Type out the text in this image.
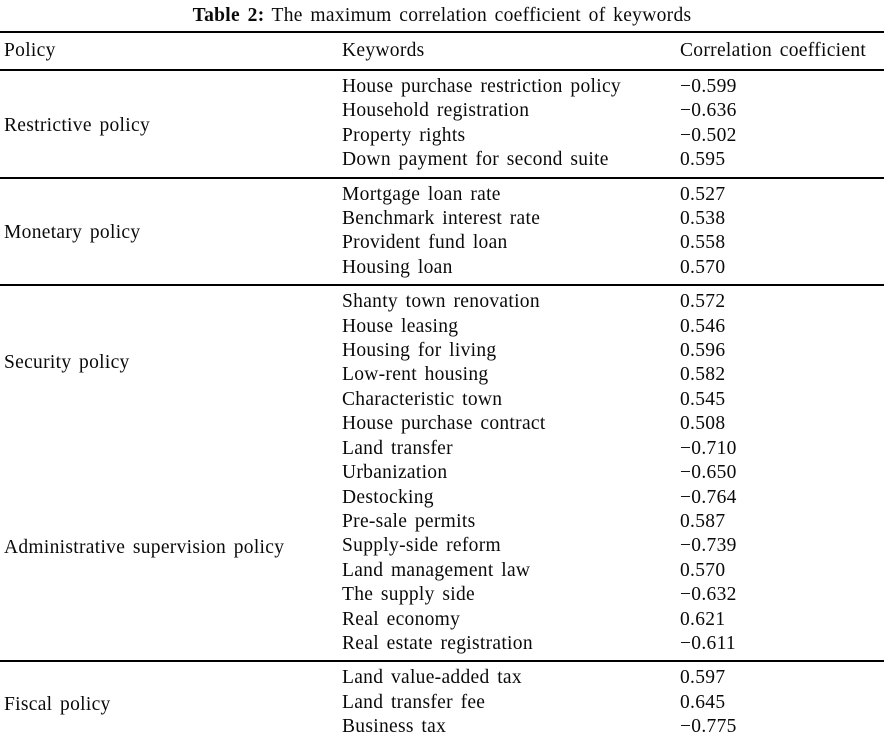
Table 2: The maximum correlation coefficient of keywords
Policy	Keywords	Correlation coefficient
Restrictive policy	House purchase restriction policy	−0.599
	Household registration	−0.636
	Property rights	−0.502
	Down payment for second suite	0.595
Monetary policy	Mortgage loan rate	0.527
	Benchmark interest rate	0.538
	Provident fund loan	0.558
	Housing loan	0.570
Security policy	Shanty town renovation	0.572
	House leasing	0.546
	Housing for living	0.596
	Low-rent housing	0.582
	Characteristic town	0.545
	House purchase contract	0.508
Administrative supervision policy	Land transfer	−0.710
	Urbanization	−0.650
	Destocking	−0.764
	Pre-sale permits	0.587
	Supply-side reform	−0.739
	Land management law	0.570
	The supply side	−0.632
	Real economy	0.621
	Real estate registration	−0.611
Fiscal policy	Land value-added tax	0.597
	Land transfer fee	0.645
	Business tax	−0.775
